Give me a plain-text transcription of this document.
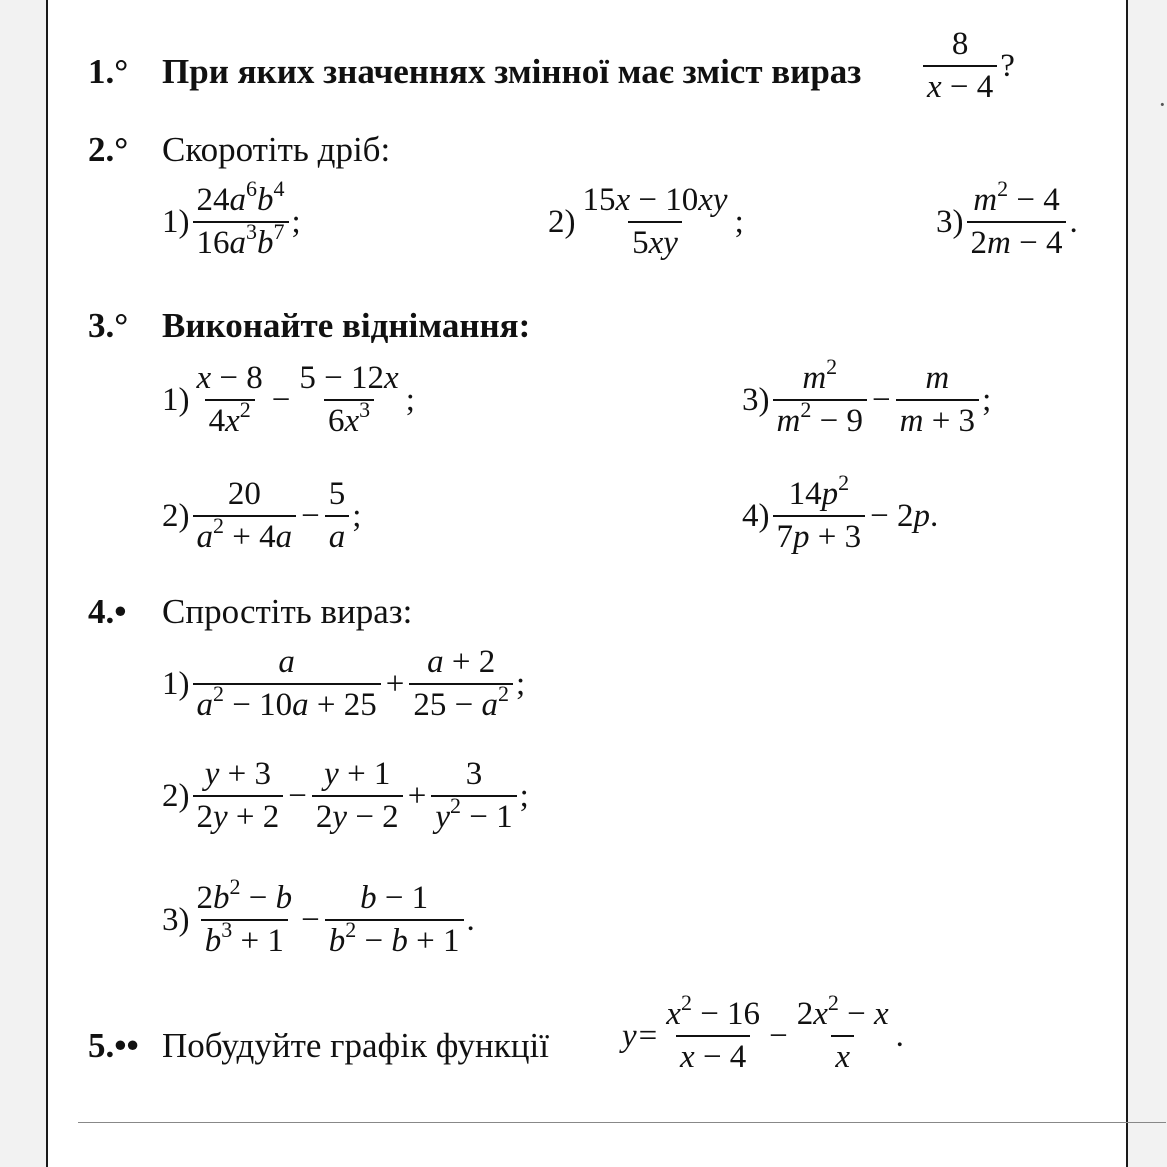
1.° При яких значеннях змінної має зміст вираз $\frac{8}{x - 4}$ ?
2.° Скоротіть дріб:
$1) \frac{24a^6b^4}{16a^3b^7}$ ;	$2) \frac{15x - 10xy}{5xy}$ ;	$3) \frac{m^2 - 4}{2m - 4}$ .
3.° Виконайте віднімання:
$1) \frac{x - 8}{4x^2} - \frac{5 - 12x}{6x^3}$ ;
$2) \frac{20}{a^2 + 4a} - \frac{5}{a}$ ;
$3) \frac{m^2}{m^2 - 9} - \frac{m}{m + 3}$ ;
$4) \frac{14p^2}{7p + 3} - 2p$.
4.• Спростіть вираз:
$1) \frac{a}{a^2 - 10a + 25} + \frac{a + 2}{25 - a^2}$ ;
$2) \frac{y + 3}{2y + 2} - \frac{y + 1}{2y - 2} + \frac{3}{y^2 - 1}$ ;
$3) \frac{2b^2 - b}{b^3 + 1} - \frac{b - 1}{b^2 - b + 1}$ .
5.•• Побудуйте графік функції $y = \frac{x^2 - 16}{x - 4} - \frac{2x^2 - x}{x}$ .
·
